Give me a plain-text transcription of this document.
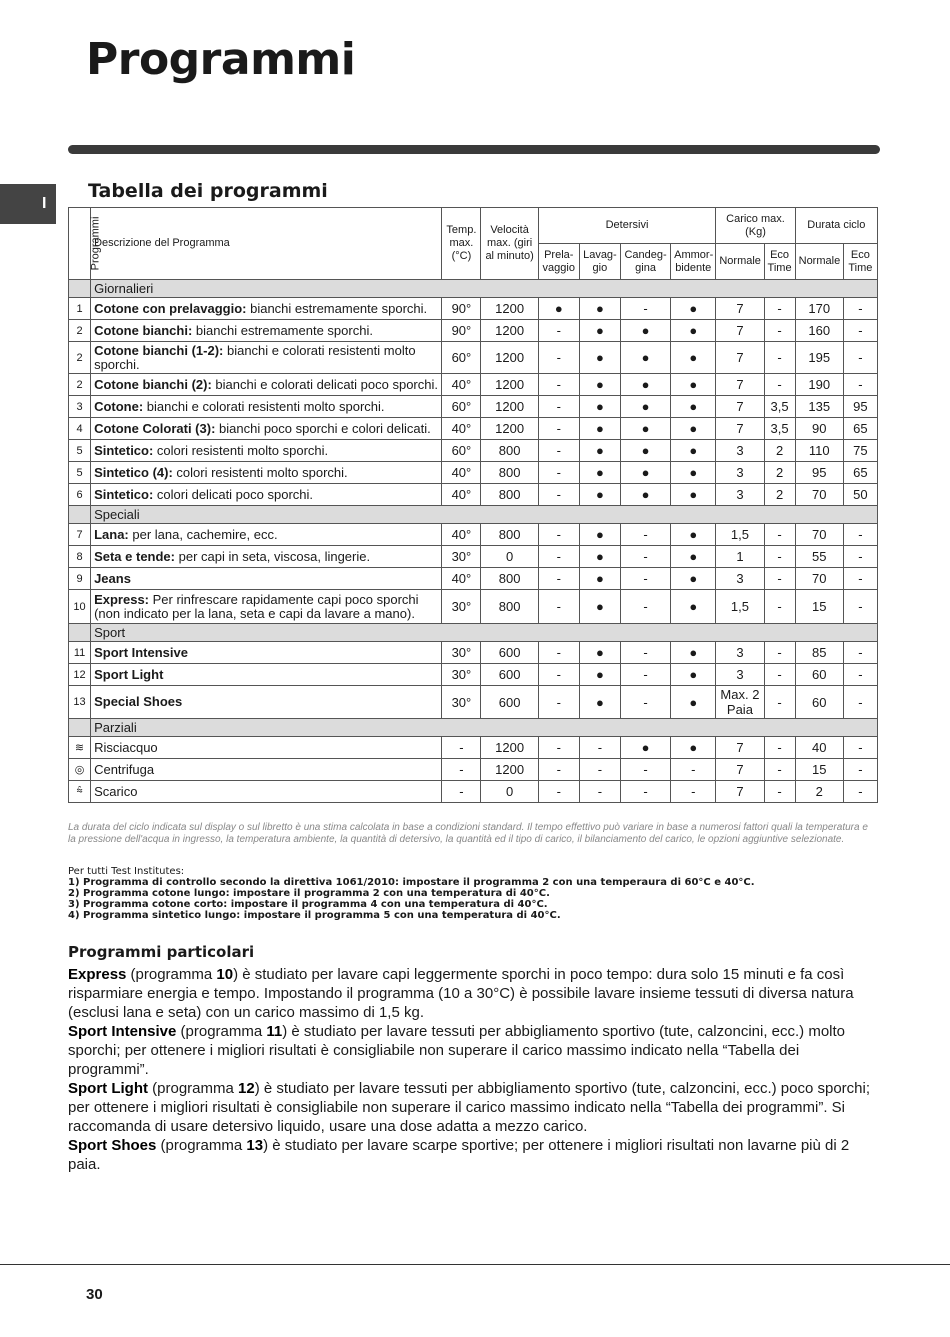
Programmi
I
Tabella dei programmi
Programmi	Descrizione del Programma	Temp. max. (°C)	Velocità max. (giri al minuto)	Detersivi				Carico max. (Kg)		Durata ciclo	
				Prela- vaggio	Lavag- gio	Candeg- gina	Ammor- bidente	Normale	Eco Time	Normale	Eco Time
	Giornalieri										
1	Cotone con prelavaggio: bianchi estremamente sporchi.	90°	1200	●	●	-	●	7	-	170	-
2	Cotone bianchi: bianchi estremamente sporchi.	90°	1200	-	●	●	●	7	-	160	-
2	Cotone bianchi (1-2): bianchi e colorati resistenti molto sporchi.	60°	1200	-	●	●	●	7	-	195	-
2	Cotone bianchi (2): bianchi e colorati delicati poco sporchi.	40°	1200	-	●	●	●	7	-	190	-
3	Cotone: bianchi e colorati resistenti molto sporchi.	60°	1200	-	●	●	●	7	3,5	135	95
4	Cotone Colorati (3): bianchi poco sporchi e colori delicati.	40°	1200	-	●	●	●	7	3,5	90	65
5	Sintetico: colori resistenti molto sporchi.	60°	800	-	●	●	●	3	2	110	75
5	Sintetico (4): colori resistenti molto sporchi.	40°	800	-	●	●	●	3	2	95	65
6	Sintetico: colori delicati poco sporchi.	40°	800	-	●	●	●	3	2	70	50
	Speciali										
7	Lana: per lana, cachemire, ecc.	40°	800	-	●	-	●	1,5	-	70	-
8	Seta e tende: per capi in seta, viscosa, lingerie.	30°	0	-	●	-	●	1	-	55	-
9	Jeans	40°	800	-	●	-	●	3	-	70	-
10	Express: Per rinfrescare rapidamente capi poco sporchi (non indicato per la lana, seta e capi da lavare a mano).	30°	800	-	●	-	●	1,5	-	15	-
	Sport										
11	Sport Intensive	30°	600	-	●	-	●	3	-	85	-
12	Sport Light	30°	600	-	●	-	●	3	-	60	-
13	Special Shoes	30°	600	-	●	-	●	Max. 2 Paia	-	60	-
	Parziali										
≋	Risciacquo	-	1200	-	-	●	●	7	-	40	-
◎	Centrifuga	-	1200	-	-	-	-	7	-	15	-
⩯	Scarico	-	0	-	-	-	-	7	-	2	-
La durata del ciclo indicata sul display o sul libretto è una stima calcolata in base a condizioni standard. Il tempo effettivo può variare in base a numerosi fattori quali la temperatura e la pressione dell'acqua in ingresso, la temperatura ambiente, la quantità di detersivo, la quantità ed il tipo di carico, il bilanciamento del carico, le opzioni aggiuntive selezionate.
Per tutti Test Institutes:
1) Programma di controllo secondo la direttiva 1061/2010: impostare il programma 2 con una temperaura di 60°C e 40°C.
2) Programma cotone lungo: impostare il programma 2 con una temperatura di 40°C.
3) Programma cotone corto: impostare il programma 4 con una temperatura di 40°C.
4) Programma sintetico lungo: impostare il programma 5 con una temperatura di 40°C.
Programmi particolari

Express (programma 10) è studiato per lavare capi leggermente sporchi in poco tempo: dura solo 15 minuti e fa così risparmiare energia e tempo. Impostando il programma (10 a 30°C) è possibile lavare insieme tessuti di diversa natura (esclusi lana e seta) con un carico massimo di 1,5 kg.

Sport Intensive (programma 11) è studiato per lavare tessuti per abbigliamento sportivo (tute, calzoncini, ecc.) molto sporchi; per ottenere i migliori risultati è consigliabile non superare il carico massimo indicato nella “Tabella dei programmi”.

Sport Light (programma 12) è studiato per lavare tessuti per abbigliamento sportivo (tute, calzoncini, ecc.) poco sporchi; per ottenere i migliori risultati è consigliabile non superare il carico massimo indicato nella “Tabella dei programmi”. Si raccomanda di usare detersivo liquido, usare una dose adatta a mezzo carico.

Sport Shoes (programma 13) è studiato per lavare scarpe sportive; per ottenere i migliori risultati non lavarne più di 2 paia.

30
